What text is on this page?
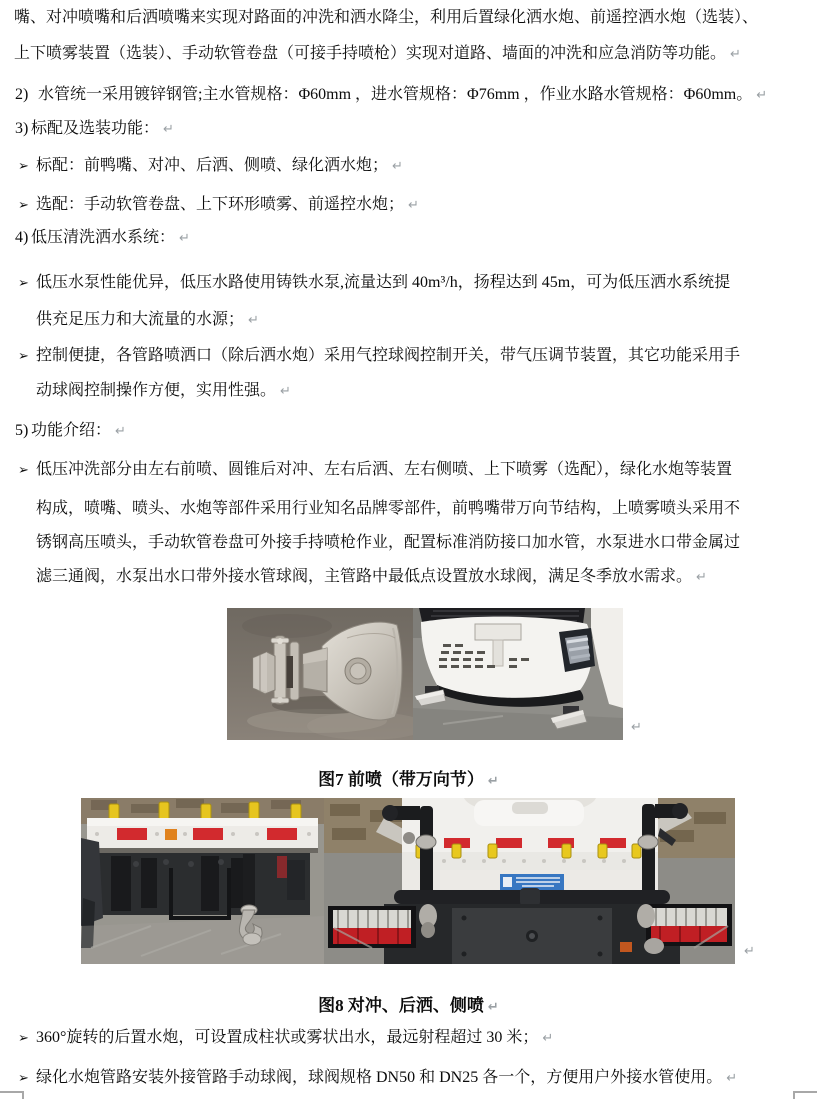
嘴、对冲喷嘴和后洒喷嘴来实现对路面的冲洗和洒水降尘，利用后置绿化洒水炮、前遥控洒水炮（选装）、
上下喷雾装置（选装）、手动软管卷盘（可接手持喷枪）实现对道路、墙面的冲洗和应急消防等功能。 ↵
2) 水管统一采用镀锌钢管;主水管规格：Φ60mm ，进水管规格：Φ76mm ，作业水路水管规格：Φ60mm。 ↵
3) 标配及选装功能： ↵
➢ 标配：前鸭嘴、对冲、后洒、侧喷、绿化洒水炮； ↵
➢ 选配：手动软管卷盘、上下环形喷雾、前遥控水炮； ↵
4) 低压清洗洒水系统： ↵
➢ 低压水泵性能优异，低压水路使用铸铁水泵,流量达到 40m³/h，扬程达到 45m，可为低压洒水系统提
供充足压力和大流量的水源； ↵
➢ 控制便捷，各管路喷洒口（除后洒水炮）采用气控球阀控制开关，带气压调节装置，其它功能采用手
动球阀控制操作方便，实用性强。 ↵
5) 功能介绍： ↵
➢ 低压冲洗部分由左右前喷、圆锥后对冲、左右后洒、左右侧喷、上下喷雾（选配），绿化水炮等装置
构成，喷嘴、喷头、水炮等部件采用行业知名品牌零部件，前鸭嘴带万向节结构，上喷雾喷头采用不
锈钢高压喷头，手动软管卷盘可外接手持喷枪作业，配置标准消防接口加水管，水泵进水口带金属过
滤三通阀，水泵出水口带外接水管球阀，主管路中最低点设置放水球阀，满足冬季放水需求。 ↵
↵
图7 前喷（带万向节） ↵
↵
图8 对冲、后洒、侧喷 ↵
➢ 360°旋转的后置水炮，可设置成柱状或雾状出水，最远射程超过 30 米； ↵
➢ 绿化水炮管路安装外接管路手动球阀，球阀规格 DN50 和 DN25 各一个，方便用户外接水管使用。 ↵
